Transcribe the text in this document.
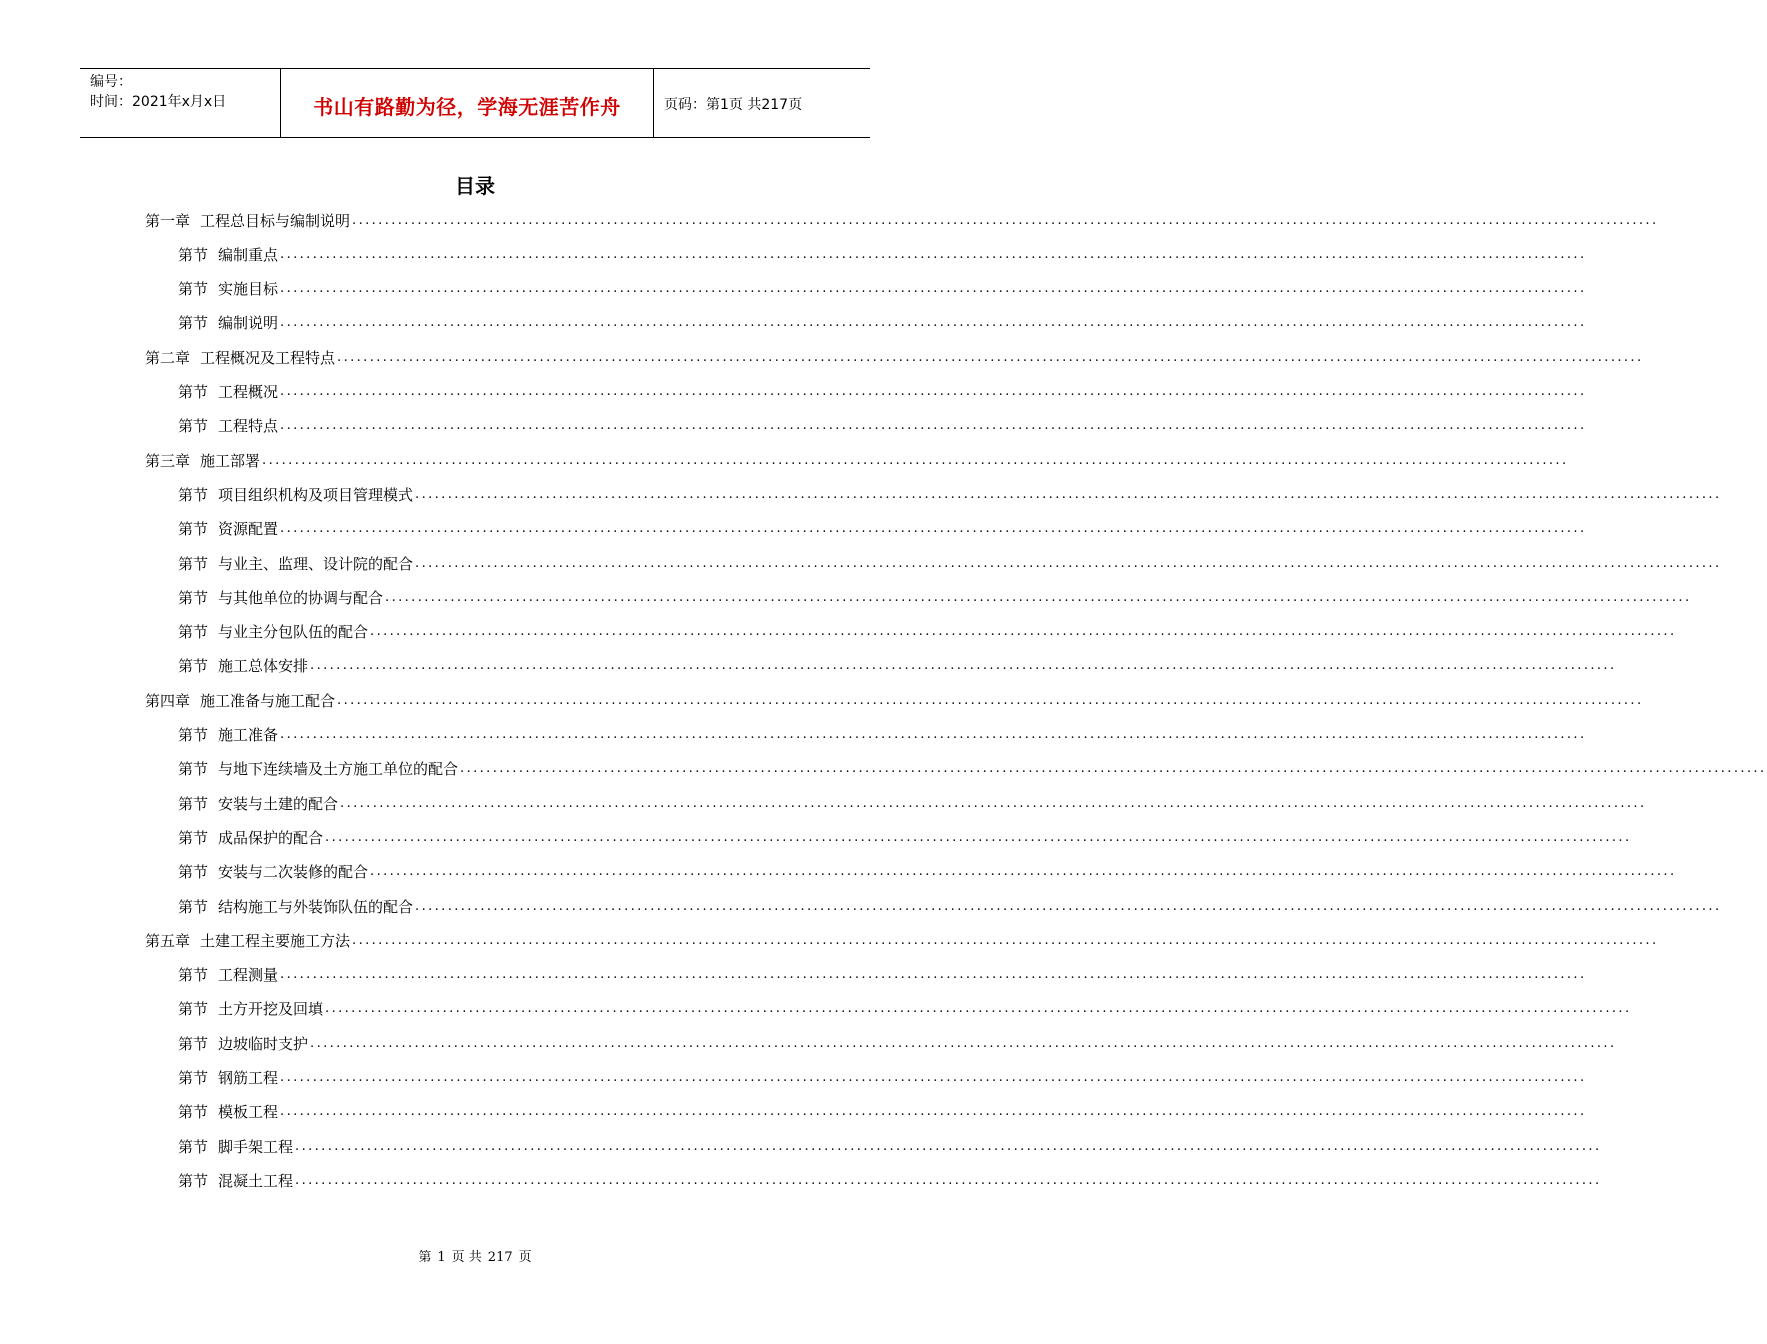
编号：
时间：2021年x月x日	书山有路勤为径，学海无涯苦作舟	页码：第1页 共217页
目录
第一章 工程总目标与编制说明 ........................................................................................................................................................................................................
第节 编制重点 ........................................................................................................................................................................................................
第节 实施目标 ........................................................................................................................................................................................................
第节 编制说明 ........................................................................................................................................................................................................
第二章 工程概况及工程特点 ........................................................................................................................................................................................................
第节 工程概况 ........................................................................................................................................................................................................
第节 工程特点 ........................................................................................................................................................................................................
第三章 施工部署 ........................................................................................................................................................................................................
第节 项目组织机构及项目管理模式 ........................................................................................................................................................................................................
第节 资源配置 ........................................................................................................................................................................................................
第节 与业主、监理、设计院的配合 ........................................................................................................................................................................................................
第节 与其他单位的协调与配合 ........................................................................................................................................................................................................
第节 与业主分包队伍的配合 ........................................................................................................................................................................................................
第节 施工总体安排 ........................................................................................................................................................................................................
第四章 施工准备与施工配合 ........................................................................................................................................................................................................
第节 施工准备 ........................................................................................................................................................................................................
第节 与地下连续墙及土方施工单位的配合 ........................................................................................................................................................................................................
第节 安装与土建的配合 ........................................................................................................................................................................................................
第节 成品保护的配合 ........................................................................................................................................................................................................
第节 安装与二次装修的配合 ........................................................................................................................................................................................................
第节 结构施工与外装饰队伍的配合 ........................................................................................................................................................................................................
第五章 土建工程主要施工方法 ........................................................................................................................................................................................................
第节 工程测量 ........................................................................................................................................................................................................
第节 土方开挖及回填 ........................................................................................................................................................................................................
第节 边坡临时支护 ........................................................................................................................................................................................................
第节 钢筋工程 ........................................................................................................................................................................................................
第节 模板工程 ........................................................................................................................................................................................................
第节 脚手架工程 ........................................................................................................................................................................................................
第节 混凝土工程 ........................................................................................................................................................................................................
第 1 页 共 217 页
